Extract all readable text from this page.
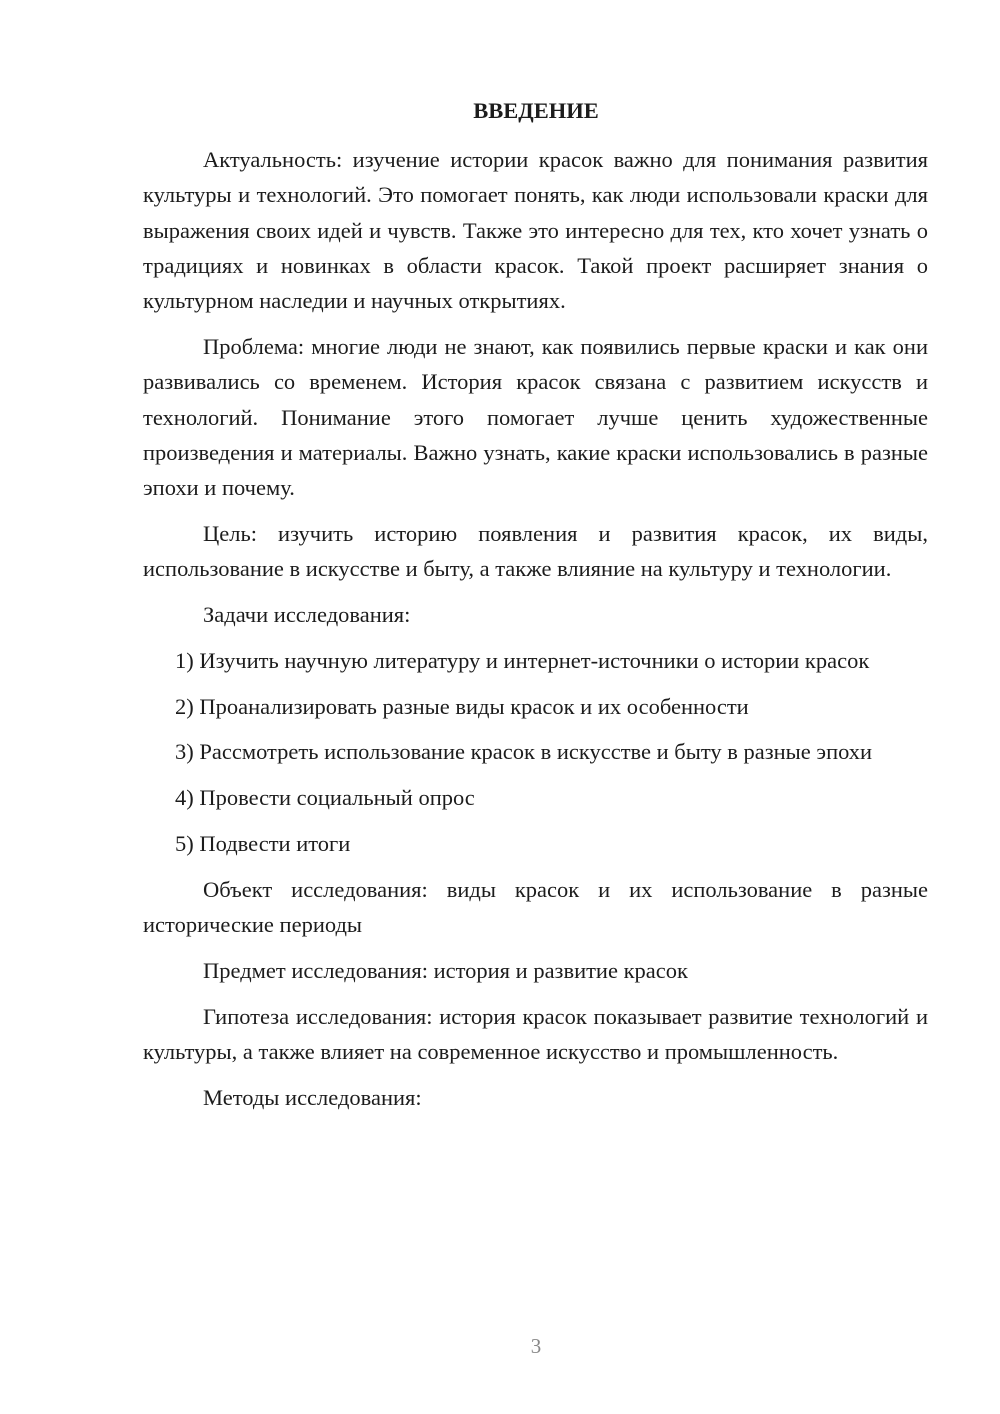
ВВЕДЕНИЕ

Актуальность: изучение истории красок важно для понимания развития культуры и технологий. Это помогает понять, как люди использовали краски для выражения своих идей и чувств. Также это интересно для тех, кто хочет узнать о традициях и новинках в области красок. Такой проект расширяет знания о культурном наследии и научных открытиях.

Проблема: многие люди не знают, как появились первые краски и как они развивались со временем. История красок связана с развитием искусств и технологий. Понимание этого помогает лучше ценить художественные произведения и материалы. Важно узнать, какие краски использовались в разные эпохи и почему.

Цель: изучить историю появления и развития красок, их виды, использование в искусстве и быту, а также влияние на культуру и технологии.

Задачи исследования:

1) Изучить научную литературу и интернет-источники о истории красок

2) Проанализировать разные виды красок и их особенности

3) Рассмотреть использование красок в искусстве и быту в разные эпохи

4) Провести социальный опрос

5) Подвести итоги

Объект исследования: виды красок и их использование в разные исторические периоды

Предмет исследования: история и развитие красок

Гипотеза исследования: история красок показывает развитие технологий и культуры, а также влияет на современное искусство и промышленность.

Методы исследования:

3
